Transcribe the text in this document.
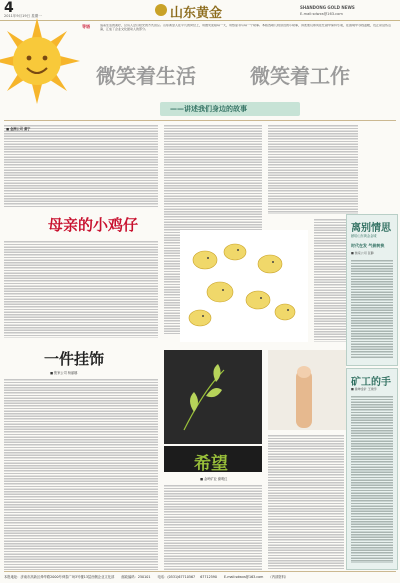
4
2011年9月19日 星期一	山东黄金	SHANDONG GOLD NEWS
E-mail:sdwxs@163.com
导语	追着生活的美好，总有人会以阳光的方式回应。山东黄金人在平凡的岗位上，用微笑迎接每一天，用热爱书写每一个故事。本版选取几则身边的小故事，讲述他们如何在忙碌中保持乐观，在困境中寻找温暖，也正是这些点滴，汇成了企业文化最动人的部分。
微笑着生活	微笑着工作
——讲述我们身边的故事
■ 金洲公司 秦宁
母亲的小鸡仔	离别情思
献给山东黄金金城
时代在发 气候转换
■ 焦家公司 张静
一件挂饰
■ 焦家公司 杨丽娜
希望
■ 金岭矿业 谢明红
矿工的手
■ 鲁坤金矿 王建学
本报地址：济南市高新区舜华路2000号舜泰广场3号楼13层西侧企业文化部 邮政编码：250101 电话：(0531)67710567 67712590 E-mail:sdwxs@163.com （内部资料）
